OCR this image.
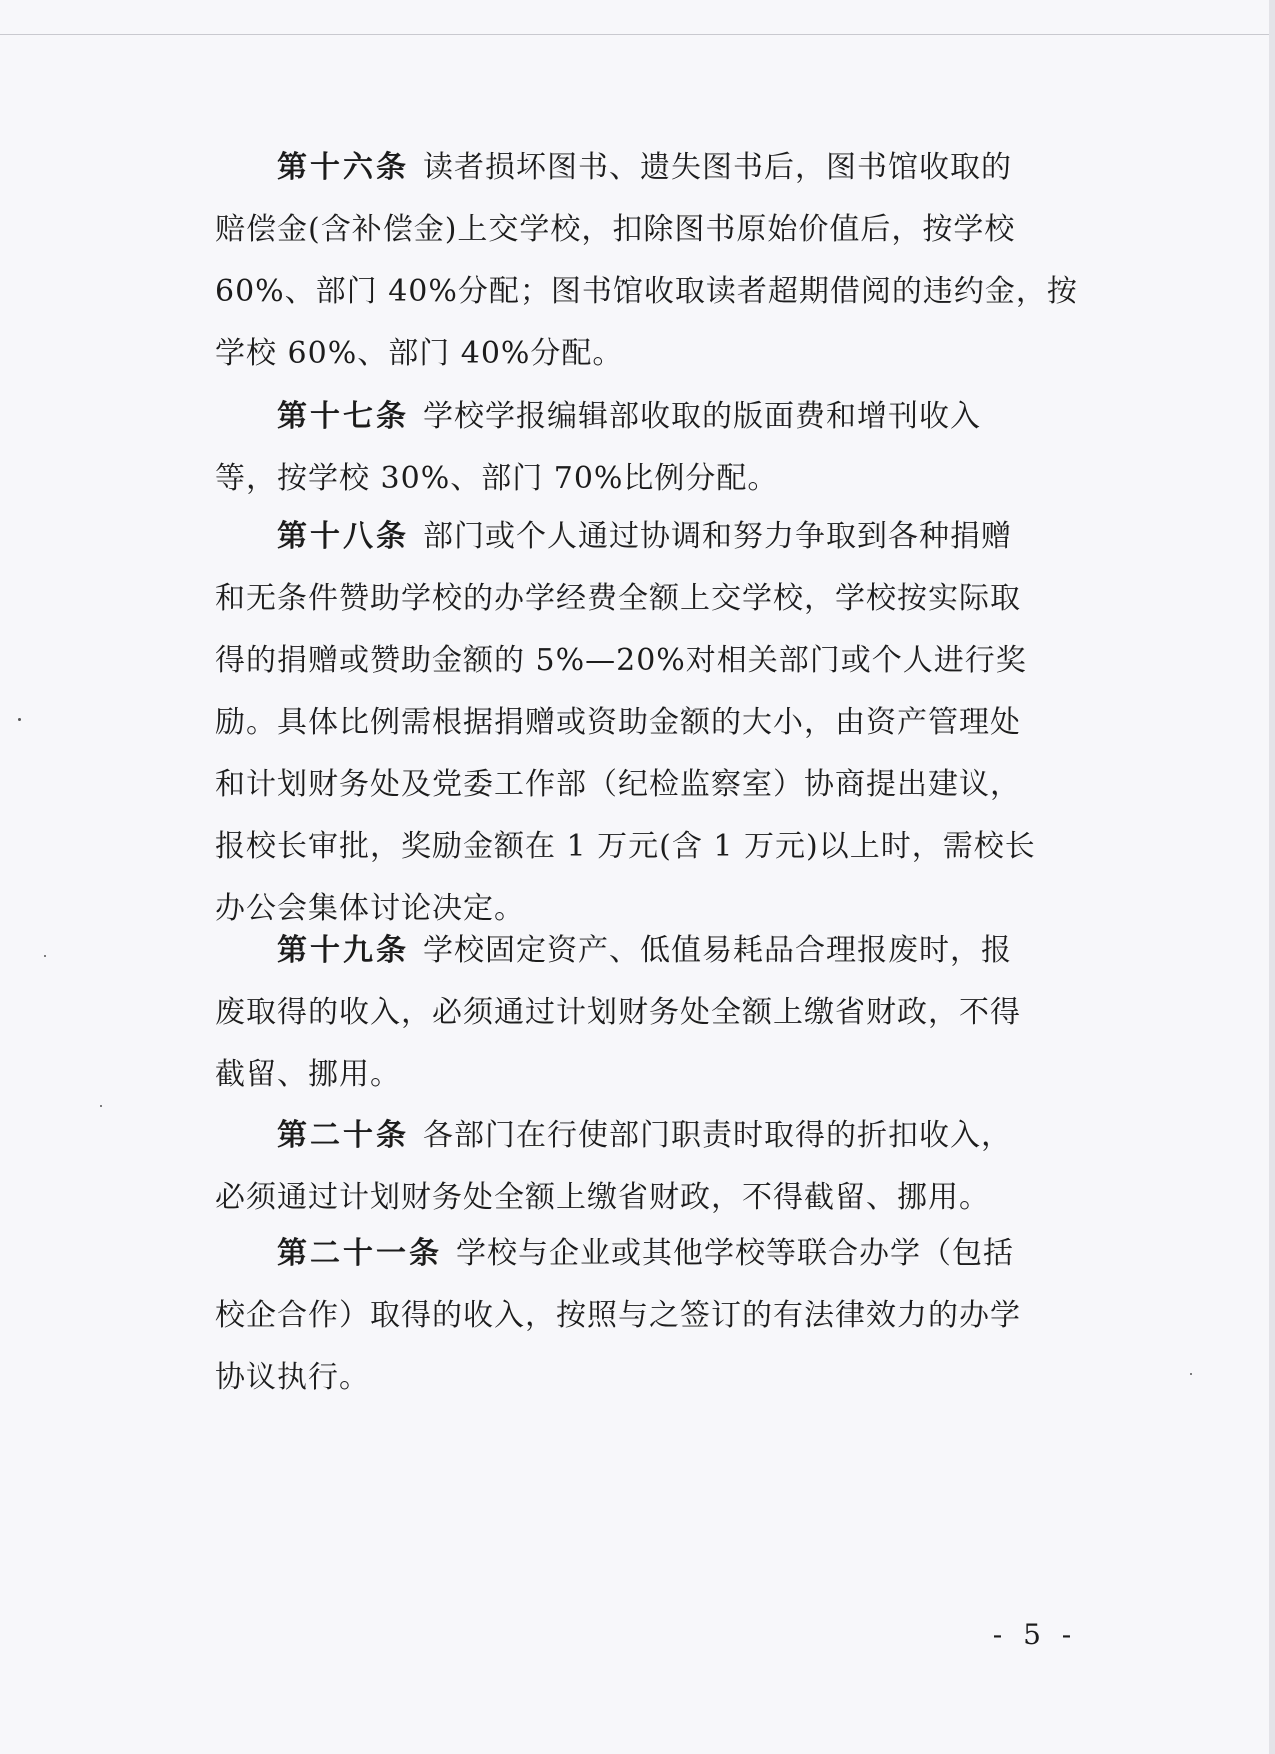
第十六条 读者损坏图书、遗失图书后，图书馆收取的

赔偿金(含补偿金)上交学校，扣除图书原始价值后，按学校

60%、部门 40%分配；图书馆收取读者超期借阅的违约金，按

学校 60%、部门 40%分配。

第十七条 学校学报编辑部收取的版面费和增刊收入

等，按学校 30%、部门 70%比例分配。

第十八条 部门或个人通过协调和努力争取到各种捐赠

和无条件赞助学校的办学经费全额上交学校，学校按实际取

得的捐赠或赞助金额的 5%—20%对相关部门或个人进行奖

励。具体比例需根据捐赠或资助金额的大小，由资产管理处

和计划财务处及党委工作部（纪检监察室）协商提出建议，

报校长审批，奖励金额在 1 万元(含 1 万元)以上时，需校长

办公会集体讨论决定。

第十九条 学校固定资产、低值易耗品合理报废时，报

废取得的收入，必须通过计划财务处全额上缴省财政，不得

截留、挪用。

第二十条 各部门在行使部门职责时取得的折扣收入，

必须通过计划财务处全额上缴省财政，不得截留、挪用。

第二十一条 学校与企业或其他学校等联合办学（包括

校企合作）取得的收入，按照与之签订的有法律效力的办学

协议执行。

- 5 -
